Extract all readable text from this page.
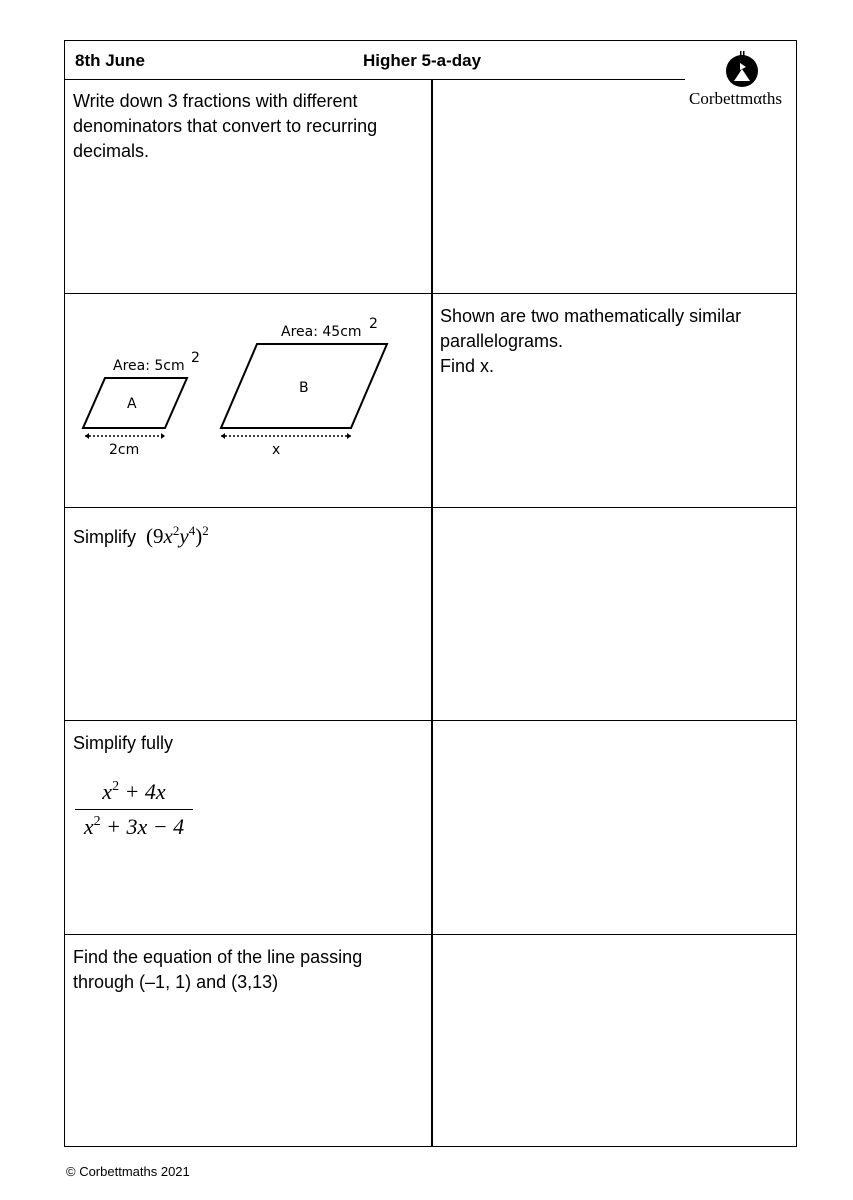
8th June	Higher 5-a-day
Corbettmαths
Write down 3 fractions with different denominators that convert to recurring decimals.
Area: 5cm 2
A
2cm
Area: 45cm 2
B
x
Shown are two mathematically similar parallelograms.
Find x.
Simplify $(9x^2y^4)^2$
Simplify fully
$x^2 + 4x$
$x^2 + 3x - 4$
Find the equation of the line passing through (–1, 1) and (3,13)
© Corbettmaths 2021
